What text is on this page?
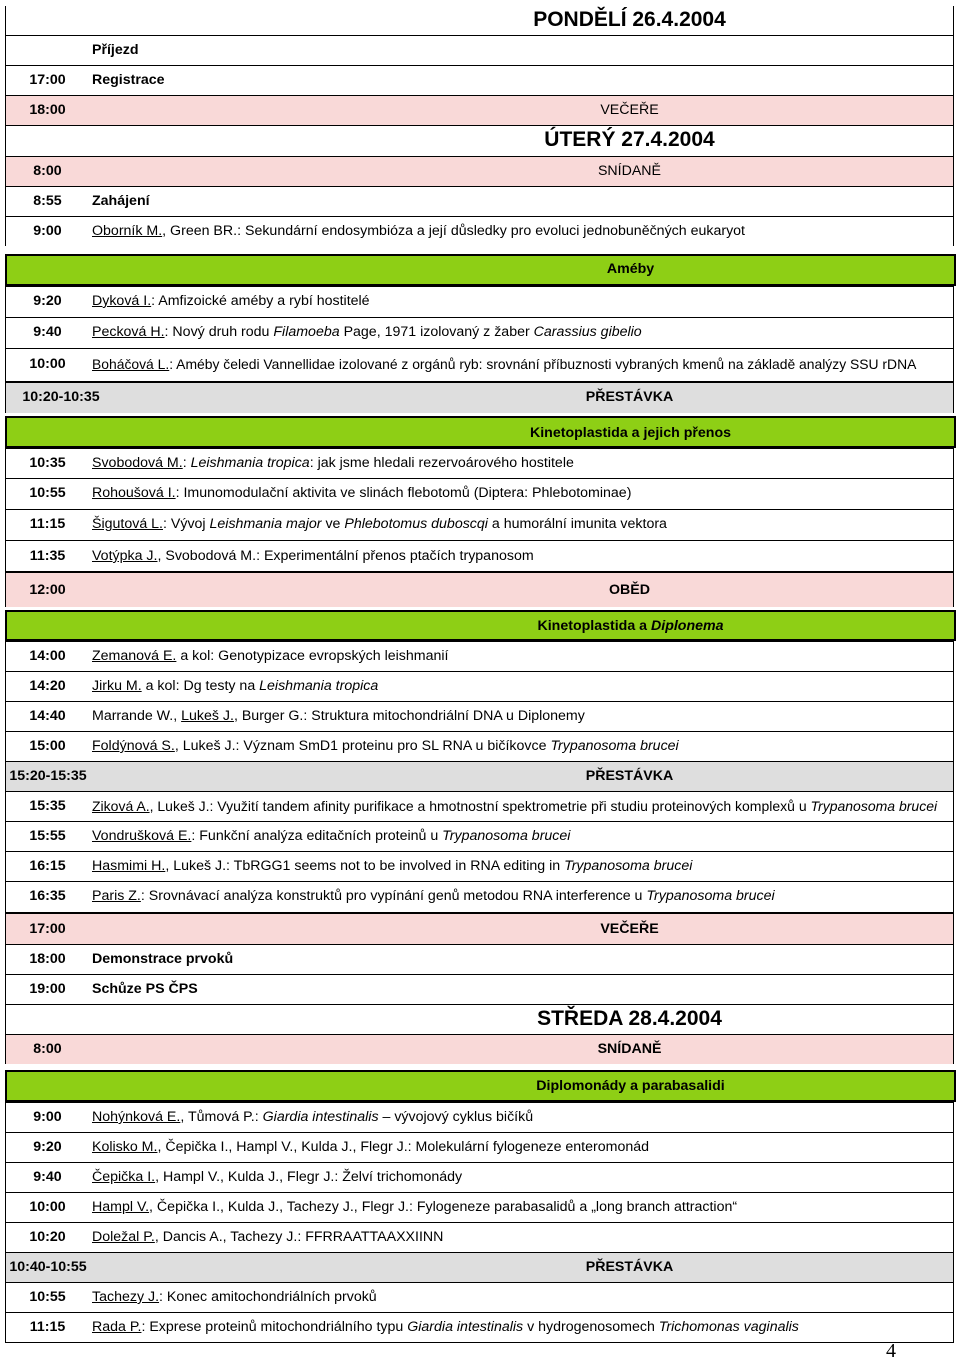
PONDĚLÍ 26.4.2004
Příjezd
17:00	Registrace
18:00	VEČEŘE
ÚTERÝ 27.4.2004
8:00	SNÍDANĚ
8:55	Zahájení
9:00	Oborník M., Green BR.: Sekundární endosymbióza a její důsledky pro evoluci jednobuněčných eukaryot
Améby
9:20	Dyková I.: Amfizoické améby a rybí hostitelé
9:40	Pecková H.: Nový druh rodu Filamoeba Page, 1971 izolovaný z žaber Carassius gibelio
10:00	Boháčová L.: Améby čeledi Vannellidae izolované z orgánů ryb: srovnání příbuznosti vybraných kmenů na základě analýzy SSU rDNA
10:20-10:35	PŘESTÁVKA
Kinetoplastida a jejich přenos
10:35	Svobodová M.: Leishmania tropica: jak jsme hledali rezervoárového hostitele
10:55	Rohoušová I.: Imunomodulační aktivita ve slinách flebotomů (Diptera: Phlebotominae)
11:15	Šigutová L.: Vývoj Leishmania major ve Phlebotomus duboscqi a humorální imunita vektora
11:35	Votýpka J., Svobodová M.: Experimentální přenos ptačích trypanosom
12:00	OBĚD
Kinetoplastida a Diplonema
14:00	Zemanová E. a kol: Genotypizace evropských leishmanií
14:20	Jirku M. a kol: Dg testy na Leishmania tropica
14:40	Marrande W., Lukeš J., Burger G.: Struktura mitochondriální DNA u Diplonemy
15:00	Foldýnová S., Lukeš J.: Význam SmD1 proteinu pro SL RNA u bičíkovce Trypanosoma brucei
15:20-15:35	PŘESTÁVKA
15:35	Ziková A., Lukeš J.: Využití tandem afinity purifikace a hmotnostní spektrometrie při studiu proteinových komplexů u Trypanosoma brucei
15:55	Vondrušková E.: Funkční analýza editačních proteinů u Trypanosoma brucei
16:15	Hasmimi H., Lukeš J.: TbRGG1 seems not to be involved in RNA editing in Trypanosoma brucei
16:35	Paris Z.: Srovnávací analýza konstruktů pro vypínání genů metodou RNA interference u Trypanosoma brucei
17:00	VEČEŘE
18:00	Demonstrace prvoků
19:00	Schůze PS ČPS
STŘEDA 28.4.2004
8:00	SNÍDANĚ
Diplomonády a parabasalidi
9:00	Nohýnková E., Tůmová P.: Giardia intestinalis – vývojový cyklus bičíků
9:20	Kolisko M., Čepička I., Hampl V., Kulda J., Flegr J.: Molekulární fylogeneze enteromonád
9:40	Čepička I., Hampl V., Kulda J., Flegr J.: Želví trichomonády
10:00	Hampl V., Čepička I., Kulda J., Tachezy J., Flegr J.: Fylogeneze parabasalidů a „long branch attraction“
10:20	Doležal P., Dancis A., Tachezy J.: FFRRAATTAAXXIINN
10:40-10:55	PŘESTÁVKA
10:55	Tachezy J.: Konec amitochondriálních prvoků
11:15	Rada P.: Exprese proteinů mitochondriálního typu Giardia intestinalis v hydrogenosomech Trichomonas vaginalis
4
